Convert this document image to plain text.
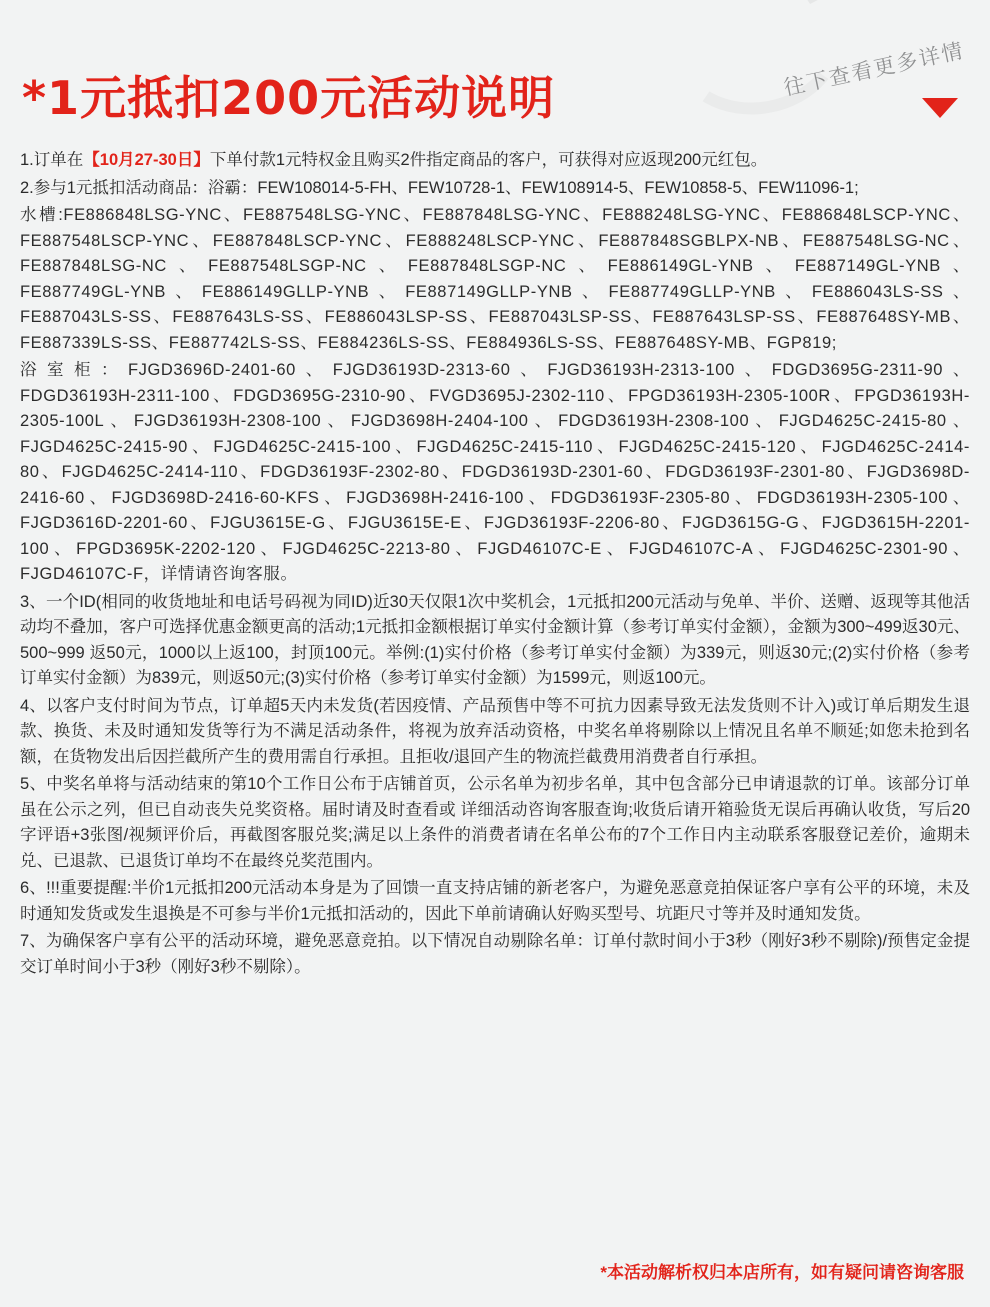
往下查看更多详情
*1元抵扣200元活动说明

1.订单在【10月27-30日】下单付款1元特权金且购买2件指定商品的客户，可获得对应返现200元红包。

2.参与1元抵扣活动商品：浴霸：FEW108014-5-FH、FEW10728-1、FEW108914-5、FEW10858-5、FEW11096-1;

水槽:FE886848LSG-YNC、FE887548LSG-YNC、FE887848LSG-YNC、FE888248LSG-YNC、FE886848LSCP-YNC、FE887548LSCP-YNC、FE887848LSCP-YNC、FE888248LSCP-YNC、FE887848SGBLPX-NB、FE887548LSG-NC、FE887848LSG-NC、FE887548LSGP-NC、FE887848LSGP-NC、FE886149GL-YNB、FE887149GL-YNB、FE887749GL-YNB、FE886149GLLP-YNB、FE887149GLLP-YNB、FE887749GLLP-YNB、FE886043LS-SS、FE887043LS-SS、FE887643LS-SS、FE886043LSP-SS、FE887043LSP-SS、FE887643LSP-SS、FE887648SY-MB、FE887339LS-SS、FE887742LS-SS、FE884236LS-SS、FE884936LS-SS、FE887648SY-MB、FGP819;

浴室柜：FJGD3696D-2401-60、FJGD36193D-2313-60、FJGD36193H-2313-100、FDGD3695G-2311-90、FDGD36193H-2311-100、FDGD3695G-2310-90、FVGD3695J-2302-110、FPGD36193H-2305-100R、FPGD36193H-2305-100L、FJGD36193H-2308-100、FJGD3698H-2404-100、FDGD36193H-2308-100、FJGD4625C-2415-80、FJGD4625C-2415-90、FJGD4625C-2415-100、FJGD4625C-2415-110、FJGD4625C-2415-120、FJGD4625C-2414-80、FJGD4625C-2414-110、FDGD36193F-2302-80、FDGD36193D-2301-60、FDGD36193F-2301-80、FJGD3698D-2416-60、FJGD3698D-2416-60-KFS、FJGD3698H-2416-100、FDGD36193F-2305-80、FDGD36193H-2305-100、FJGD3616D-2201-60、FJGU3615E-G、FJGU3615E-E、FJGD36193F-2206-80、FJGD3615G-G、FJGD3615H-2201-100、FPGD3695K-2202-120、FJGD4625C-2213-80、FJGD46107C-E、FJGD46107C-A、FJGD4625C-2301-90、FJGD46107C-F，详情请咨询客服。

3、一个ID(相同的收货地址和电话号码视为同ID)近30天仅限1次中奖机会，1元抵扣200元活动与免单、半价、送赠、返现等其他活动均不叠加，客户可选择优惠金额更高的活动;1元抵扣金额根据订单实付金额计算（参考订单实付金额），金额为300~499返30元、500~999 返50元，1000以上返100，封顶100元。举例:(1)实付价格（参考订单实付金额）为339元，则返30元;(2)实付价格（参考订单实付金额）为839元，则返50元;(3)实付价格（参考订单实付金额）为1599元，则返100元。

4、以客户支付时间为节点，订单超5天内未发货(若因疫情、产品预售中等不可抗力因素导致无法发货则不计入)或订单后期发生退款、换货、未及时通知发货等行为不满足活动条件，将视为放弃活动资格，中奖名单将剔除以上情况且名单不顺延;如您未抢到名额，在货物发出后因拦截所产生的费用需自行承担。且拒收/退回产生的物流拦截费用消费者自行承担。

5、中奖名单将与活动结束的第10个工作日公布于店铺首页，公示名单为初步名单，其中包含部分已申请退款的订单。该部分订单虽在公示之列，但已自动丧失兑奖资格。届时请及时查看或 详细活动咨询客服查询;收货后请开箱验货无误后再确认收货，写后20字评语+3张图/视频评价后，再截图客服兑奖;满足以上条件的消费者请在名单公布的7个工作日内主动联系客服登记差价，逾期未兑、已退款、已退货订单均不在最终兑奖范围内。

6、!!!重要提醒:半价1元抵扣200元活动本身是为了回馈一直支持店铺的新老客户，为避免恶意竞拍保证客户享有公平的环境，未及时通知发货或发生退换是不可参与半价1元抵扣活动的，因此下单前请确认好购买型号、坑距尺寸等并及时通知发货。

7、为确保客户享有公平的活动环境，避免恶意竞拍。以下情况自动剔除名单：订单付款时间小于3秒（刚好3秒不剔除)/预售定金提交订单时间小于3秒（刚好3秒不剔除）。

*本活动解析权归本店所有，如有疑问请咨询客服
